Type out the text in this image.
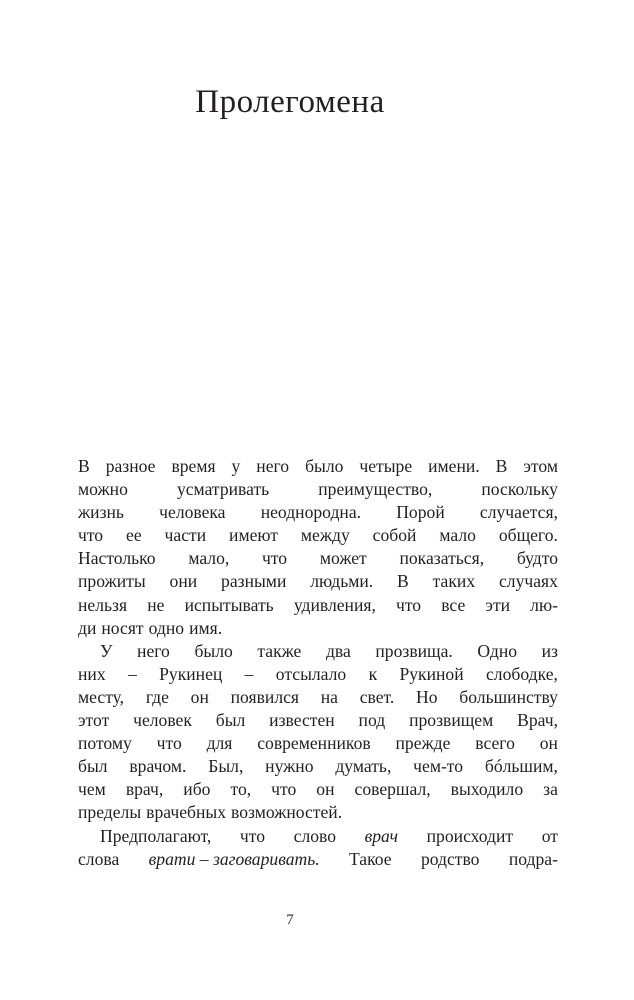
Пролегомена
В разное время у него было четыре имени. В этом
можно	усматривать	преимущество,	поскольку
жизнь человека неоднородна. Порой случается,
что ее части имеют между собой мало общего.
Настолько мало, что может показаться, будто
прожиты они разными людьми. В таких случаях
нельзя не испытывать удивления, что все эти лю-
ди носят одно имя.
У него было также два прозвища. Одно из
них – Рукинец – отсылало к Рукиной слободке,
месту, где он появился на свет. Но большинству
этот человек был известен под прозвищем Врач,
потому что для современников прежде всего он
был врачом. Был, нужно думать, чем-то бóльшим,
чем врач, ибо то, что он совершал, выходило за
пределы врачебных возможностей.
Предполагают, что слово врач происходит от
слова врати – заговаривать. Такое родство подра-
7
